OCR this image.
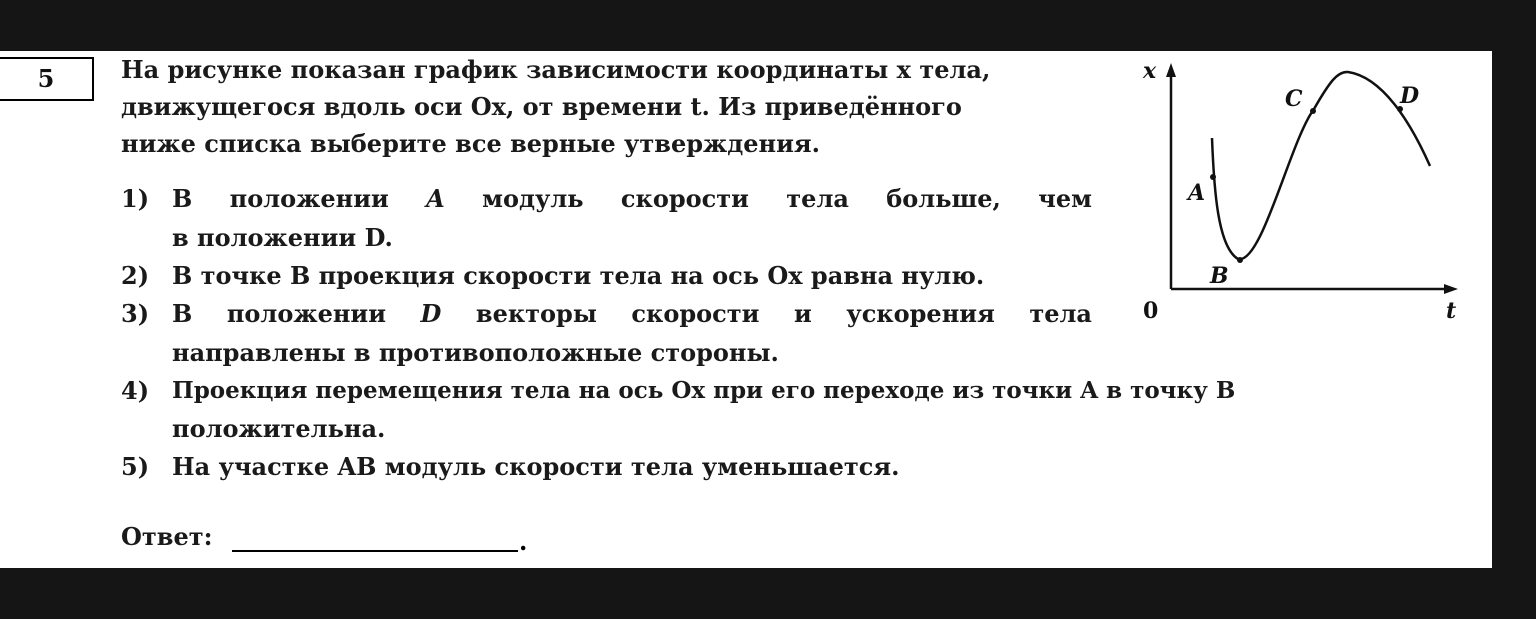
5	На рисунке показан график зависимости координаты x тела,
движущегося вдоль оси Ox, от времени t. Из приведённого
ниже списка выберите все верные утверждения.
1) В положении A модуль скорости тела больше, чем
в положении D.
2) В точке B проекция скорости тела на ось Ox равна нулю.
3) В положении D векторы скорости и ускорения тела
направлены в противоположные стороны.
4) Проекция перемещения тела на ось Ox при его переходе из точки A в точку B
положительна.
5) На участке AB модуль скорости тела уменьшается.
Ответ:	.
x
t
0
A
B
C	D
